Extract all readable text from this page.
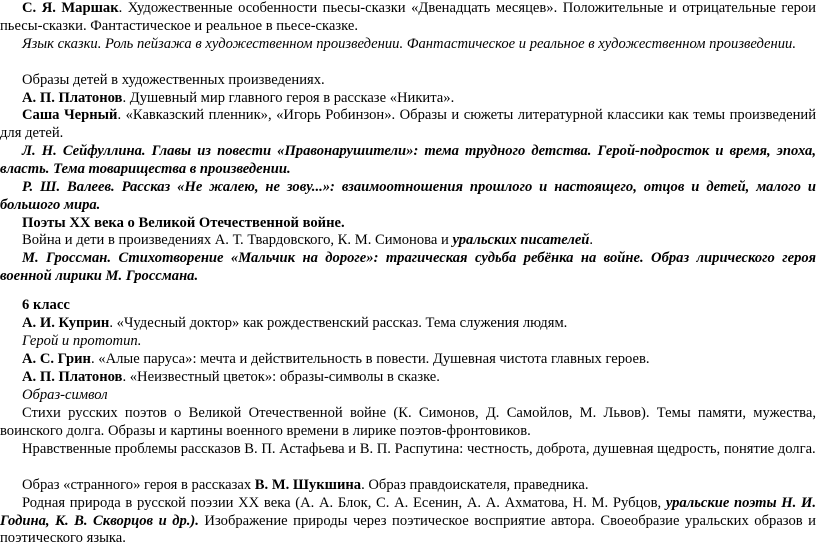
С. Я. Маршак. Художественные особенности пьесы-сказки «Двенадцать месяцев». Положительные и отрицательные герои пьесы-сказки. Фантастическое и реальное в пьесе-сказке.

Язык сказки. Роль пейзажа в художественном произведении. Фантастическое и реальное в художественном произведении.

Образы детей в художественных произведениях.

А. П. Платонов. Душевный мир главного героя в рассказе «Никита».

Саша Черный. «Кавказский пленник», «Игорь Робинзон». Образы и сюжеты литературной классики как темы произведений для детей.

Л. Н. Сейфуллина. Главы из повести «Правонарушители»: тема трудного детства. Герой-подросток и время, эпоха, власть. Тема товарищества в произведении.

Р. Ш. Валеев. Рассказ «Не жалею, не зову...»: взаимоотношения прошлого и настоящего, отцов и детей, малого и большого мира.

Поэты XX века о Великой Отечественной войне.

Война и дети в произведениях А. Т. Твардовского, К. М. Симонова и уральских писателей.

М. Гроссман. Стихотворение «Мальчик на дороге»: трагическая судьба ребёнка на войне. Образ лирического героя военной лирики М. Гроссмана.

6 класс

А. И. Куприн. «Чудесный доктор» как рождественский рассказ. Тема служения людям.

Герой и прототип.

А. С. Грин. «Алые паруса»: мечта и действительность в повести. Душевная чистота главных героев.

А. П. Платонов. «Неизвестный цветок»: образы-символы в сказке.

Образ-символ

Стихи русских поэтов о Великой Отечественной войне (К. Симонов, Д. Самойлов, М. Львов). Темы памяти, мужества, воинского долга. Образы и картины военного времени в лирике поэтов-фронтовиков.

Нравственные проблемы рассказов В. П. Астафьева и В. П. Распутина: честность, доброта, душевная щедрость, понятие долга.

Образ «странного» героя в рассказах В. М. Шукшина. Образ правдоискателя, праведника.

Родная природа в русской поэзии XX века (А. А. Блок, С. А. Есенин, А. А. Ахматова, Н. М. Рубцов, уральские поэты Н. И. Година, К. В. Скворцов и др.). Изображение природы через поэтическое восприятие автора. Своеобразие уральских образов и поэтического языка.
